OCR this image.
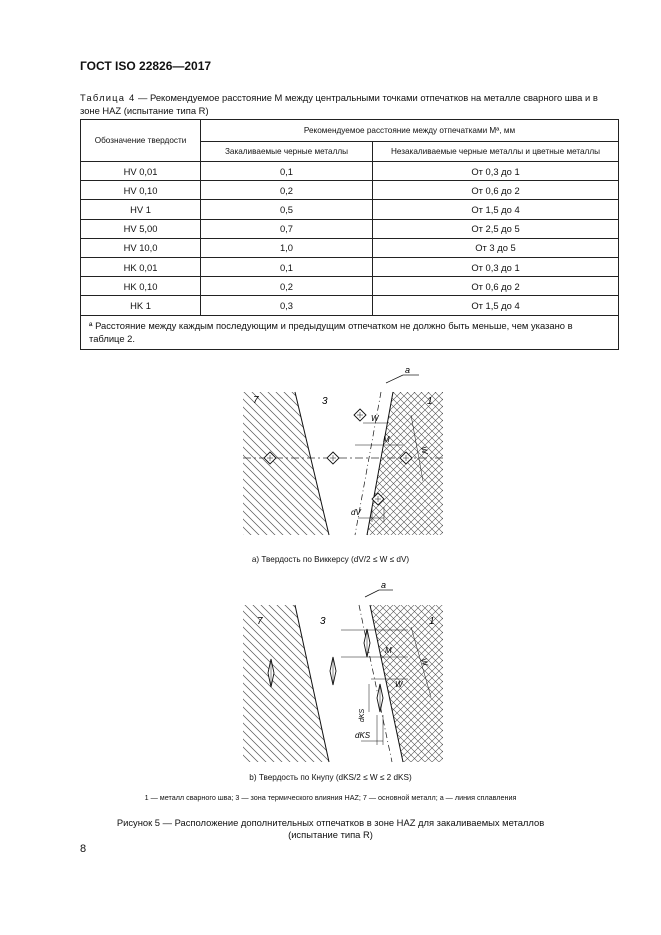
ГОСТ ISO 22826—2017
Таблица 4 — Рекомендуемое расстояние M между центральными точками отпечатков на металле сварного шва и в зоне HAZ (испытание типа R)
Обозначение твердости	Рекомендуемое расстояние между отпечатками Mª, мм	
	Закаливаемые черные металлы	Незакаливаемые черные металлы и цветные металлы
HV 0,01	0,1	От 0,3 до 1
HV 0,10	0,2	От 0,6 до 2
HV 1	0,5	От 1,5 до 4
HV 5,00	0,7	От 2,5 до 5
HV 10,0	1,0	От 3 до 5
HK 0,01	0,1	От 0,3 до 1
HK 0,10	0,2	От 0,6 до 2
HK 1	0,3	От 1,5 до 4
ª Расстояние между каждым последующим и предыдущим отпечатком не должно быть меньше, чем указано в таблице 2.		
a
7	3	1
W
M
W
dV
a) Твердость по Виккерсу (dV/2 ≤ W ≤ dV)
a
7	3	1
M
W
W
dKS
dKS
b) Твердость по Кнупу (dKS/2 ≤ W ≤ 2 dKS)
1 — металл сварного шва; 3 — зона термического влияния HAZ; 7 — основной металл; a — линия сплавления
Рисунок 5 — Расположение дополнительных отпечатков в зоне HAZ для закаливаемых металлов
(испытание типа R)
8
